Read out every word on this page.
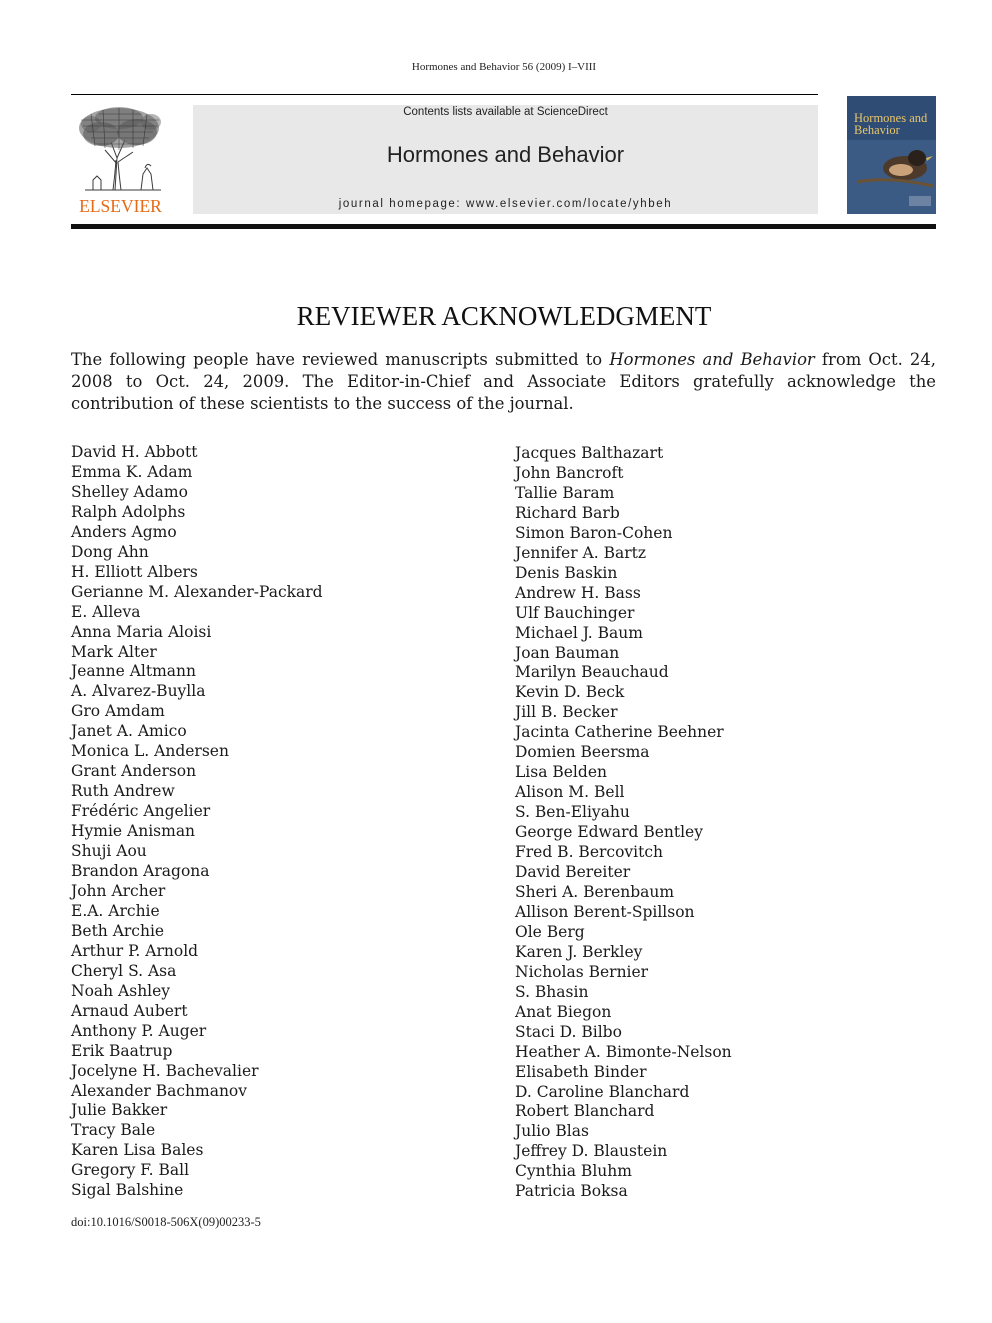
Hormones and Behavior 56 (2009) I–VIII
ELSEVIER
Contents lists available at ScienceDirect
Hormones and Behavior
journal homepage: www.elsevier.com/locate/yhbeh
Hormones and Behavior
REVIEWER ACKNOWLEDGMENT

The following people have reviewed manuscripts submitted to Hormones and Behavior from Oct. 24, 2008 to Oct. 24, 2009. The Editor-in-Chief and Associate Editors gratefully acknowledge the contribution of these scientists to the success of the journal.

David H. Abbott
Emma K. Adam
Shelley Adamo
Ralph Adolphs
Anders Agmo
Dong Ahn
H. Elliott Albers
Gerianne M. Alexander-Packard
E. Alleva
Anna Maria Aloisi
Mark Alter
Jeanne Altmann
A. Alvarez-Buylla
Gro Amdam
Janet A. Amico
Monica L. Andersen
Grant Anderson
Ruth Andrew
Frédéric Angelier
Hymie Anisman
Shuji Aou
Brandon Aragona
John Archer
E.A. Archie
Beth Archie
Arthur P. Arnold
Cheryl S. Asa
Noah Ashley
Arnaud Aubert
Anthony P. Auger
Erik Baatrup
Jocelyne H. Bachevalier
Alexander Bachmanov
Julie Bakker
Tracy Bale
Karen Lisa Bales
Gregory F. Ball
Sigal Balshine
Jacques Balthazart
John Bancroft
Tallie Baram
Richard Barb
Simon Baron-Cohen
Jennifer A. Bartz
Denis Baskin
Andrew H. Bass
Ulf Bauchinger
Michael J. Baum
Joan Bauman
Marilyn Beauchaud
Kevin D. Beck
Jill B. Becker
Jacinta Catherine Beehner
Domien Beersma
Lisa Belden
Alison M. Bell
S. Ben-Eliyahu
George Edward Bentley
Fred B. Bercovitch
David Bereiter
Sheri A. Berenbaum
Allison Berent-Spillson
Ole Berg
Karen J. Berkley
Nicholas Bernier
S. Bhasin
Anat Biegon
Staci D. Bilbo
Heather A. Bimonte-Nelson
Elisabeth Binder
D. Caroline Blanchard
Robert Blanchard
Julio Blas
Jeffrey D. Blaustein
Cynthia Bluhm
Patricia Boksa
doi:10.1016/S0018-506X(09)00233-5
